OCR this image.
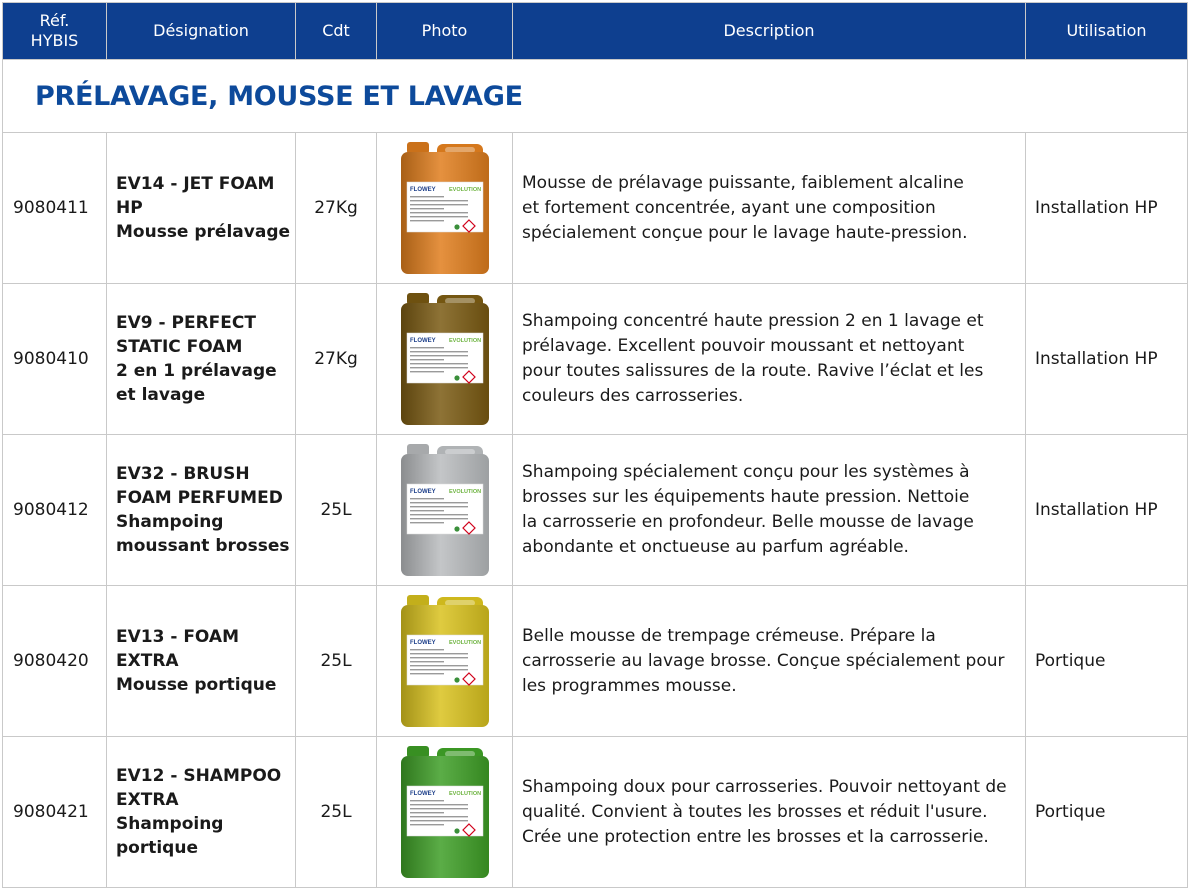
Réf.
HYBIS	Désignation	Cdt	Photo	Description	Utilisation
PRÉLAVAGE, MOUSSE ET LAVAGE					
9080411	EV14 - JET FOAM HP
Mousse prélavage	27Kg	FLOWEY EVOLUTION	Mousse de prélavage puissante, faiblement alcaline
et fortement concentrée, ayant une composition
spécialement conçue pour le lavage haute-pression.	Installation HP
9080410	EV9 - PERFECT
STATIC FOAM
2 en 1 prélavage
et lavage	27Kg	FLOWEY EVOLUTION	Shampoing concentré haute pression 2 en 1 lavage et
prélavage. Excellent pouvoir moussant et nettoyant
pour toutes salissures de la route. Ravive l’éclat et les
couleurs des carrosseries.	Installation HP
9080412	EV32 - BRUSH
FOAM PERFUMED
Shampoing
moussant brosses	25L	FLOWEY EVOLUTION	Shampoing spécialement conçu pour les systèmes à
brosses sur les équipements haute pression. Nettoie
la carrosserie en profondeur. Belle mousse de lavage
abondante et onctueuse au parfum agréable.	Installation HP
9080420	EV13 - FOAM EXTRA
Mousse portique	25L	FLOWEY EVOLUTION	Belle mousse de trempage crémeuse. Prépare la
carrosserie au lavage brosse. Conçue spécialement pour
les programmes mousse.	Portique
9080421	EV12 - SHAMPOO
EXTRA
Shampoing
portique	25L	FLOWEY EVOLUTION	Shampoing doux pour carrosseries. Pouvoir nettoyant de
qualité. Convient à toutes les brosses et réduit l'usure.
Crée une protection entre les brosses et la carrosserie.	Portique
